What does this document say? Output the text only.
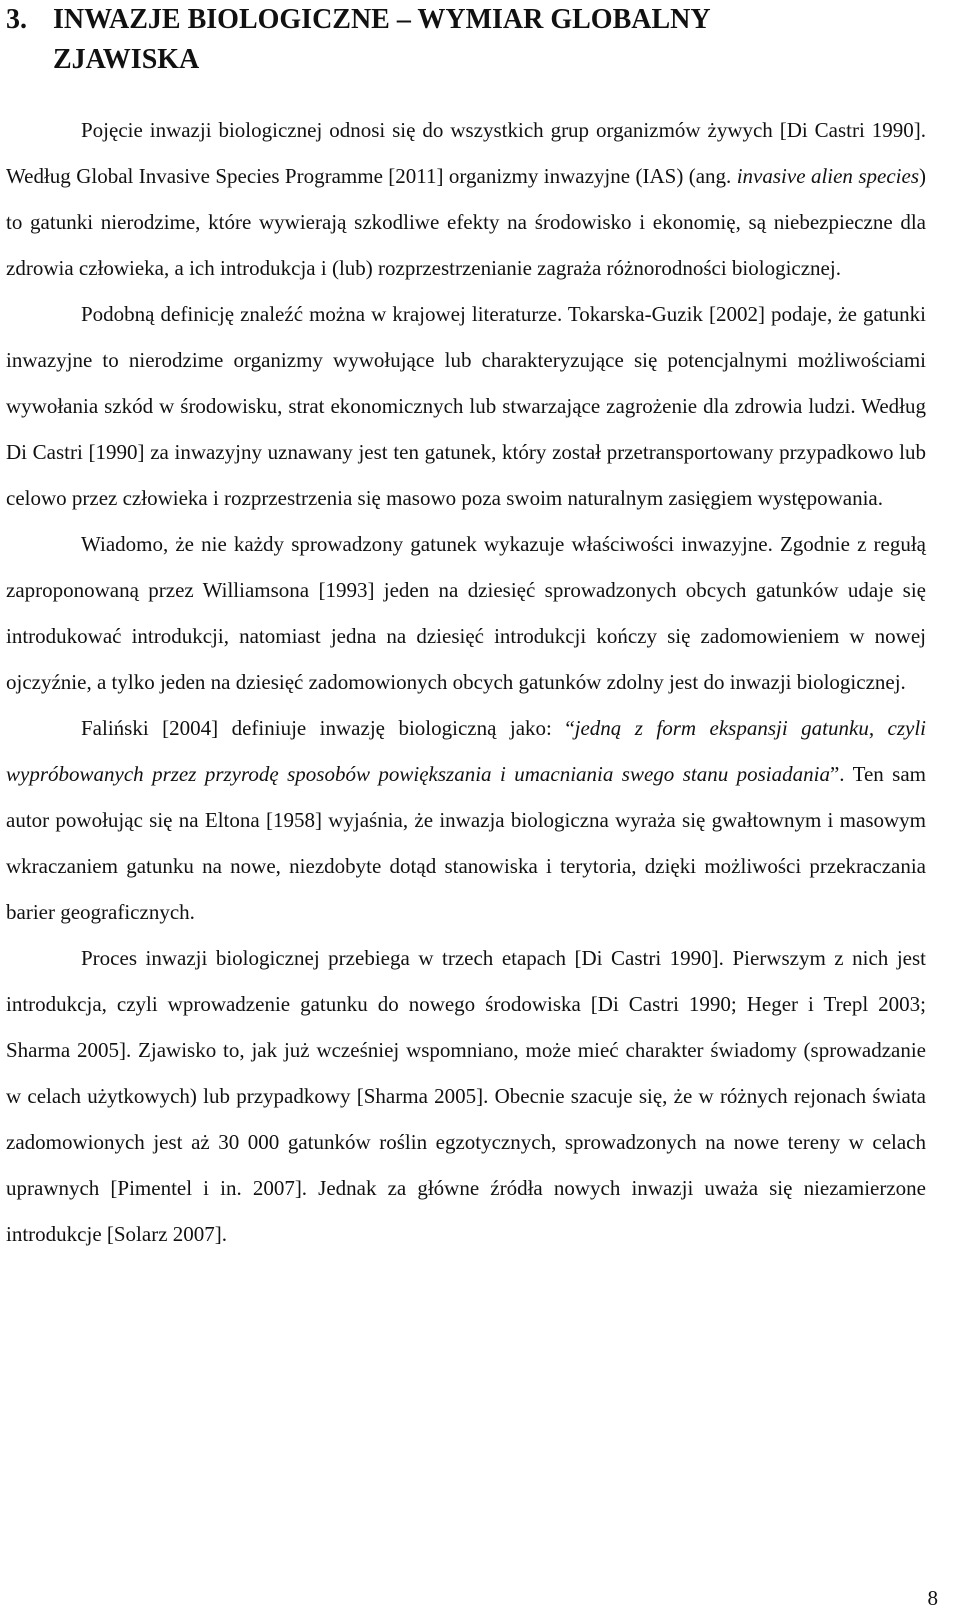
3. INWAZJE BIOLOGICZNE – WYMIAR GLOBALNY
ZJAWISKA

Pojęcie inwazji biologicznej odnosi się do wszystkich grup organizmów żywych [Di Castri 1990]. Według Global Invasive Species Programme [2011] organizmy inwazyjne (IAS) (ang. invasive alien species) to gatunki nierodzime, które wywierają szkodliwe efekty na środowisko i ekonomię, są niebezpieczne dla zdrowia człowieka, a ich introdukcja i (lub) rozprzestrzenianie zagraża różnorodności biologicznej.

Podobną definicję znaleźć można w krajowej literaturze. Tokarska-Guzik [2002] podaje, że gatunki inwazyjne to nierodzime organizmy wywołujące lub charakteryzujące się potencjalnymi możliwościami wywołania szkód w środowisku, strat ekonomicznych lub stwarzające zagrożenie dla zdrowia ludzi. Według Di Castri [1990] za inwazyjny uznawany jest ten gatunek, który został przetransportowany przypadkowo lub celowo przez człowieka i rozprzestrzenia się masowo poza swoim naturalnym zasięgiem występowania.

Wiadomo, że nie każdy sprowadzony gatunek wykazuje właściwości inwazyjne. Zgodnie z regułą zaproponowaną przez Williamsona [1993] jeden na dziesięć sprowadzonych obcych gatunków udaje się introdukować introdukcji, natomiast jedna na dziesięć introdukcji kończy się zadomowieniem w nowej ojczyźnie, a tylko jeden na dziesięć zadomowionych obcych gatunków zdolny jest do inwazji biologicznej.

Faliński [2004] definiuje inwazję biologiczną jako: “jedną z form ekspansji gatunku, czyli wypróbowanych przez przyrodę sposobów powiększania i umacniania swego stanu posiadania”. Ten sam autor powołując się na Eltona [1958] wyjaśnia, że inwazja biologiczna wyraża się gwałtownym i masowym wkraczaniem gatunku na nowe, niezdobyte dotąd stanowiska i terytoria, dzięki możliwości przekraczania barier geograficznych.

Proces inwazji biologicznej przebiega w trzech etapach [Di Castri 1990]. Pierwszym z nich jest introdukcja, czyli wprowadzenie gatunku do nowego środowiska [Di Castri 1990; Heger i Trepl 2003; Sharma 2005]. Zjawisko to, jak już wcześniej wspomniano, może mieć charakter świadomy (sprowadzanie w celach użytkowych) lub przypadkowy [Sharma 2005]. Obecnie szacuje się, że w różnych rejonach świata zadomowionych jest aż 30 000 gatunków roślin egzotycznych, sprowadzonych na nowe tereny w celach uprawnych [Pimentel i in. 2007]. Jednak za główne źródła nowych inwazji uważa się niezamierzone introdukcje [Solarz 2007].

8
